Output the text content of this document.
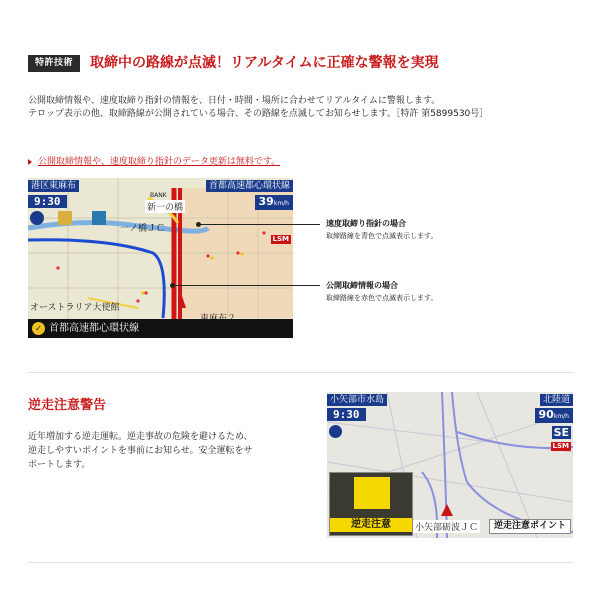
特許技術	取締中の路線が点滅！リアルタイムに正確な警報を実現
公開取締情報や、速度取締り指針の情報を、日付・時間・場所に合わせてリアルタイムに警報します。
テロップ表示の他、取締路線が公開されている場合、その路線を点滅してお知らせします。［特許 第5899530号］
公開取締情報や、速度取締り指針のデータ更新は無料です。
港区東麻布
9:30
首都高速都心環状線
39km/h
LSM
新一の橋
一ノ橋ＪＣ
オーストラリア大使館
BANK
✓ 首都高速都心環状線
速度取締り指針の場合
取締路線を青色で点滅表示します。
公開取締情報の場合
取締路線を赤色で点滅表示します。
逆走注意警告
近年増加する逆走運転。逆走事故の危険を避けるため、
逆走しやすいポイントを事前にお知らせ。安全運転をサ
ポートします。
小矢部市水島
9:30
北陸道
90km/h
SE
LSM
逆走注意	小矢部砺波ＪＣ	逆走注意ポイント
